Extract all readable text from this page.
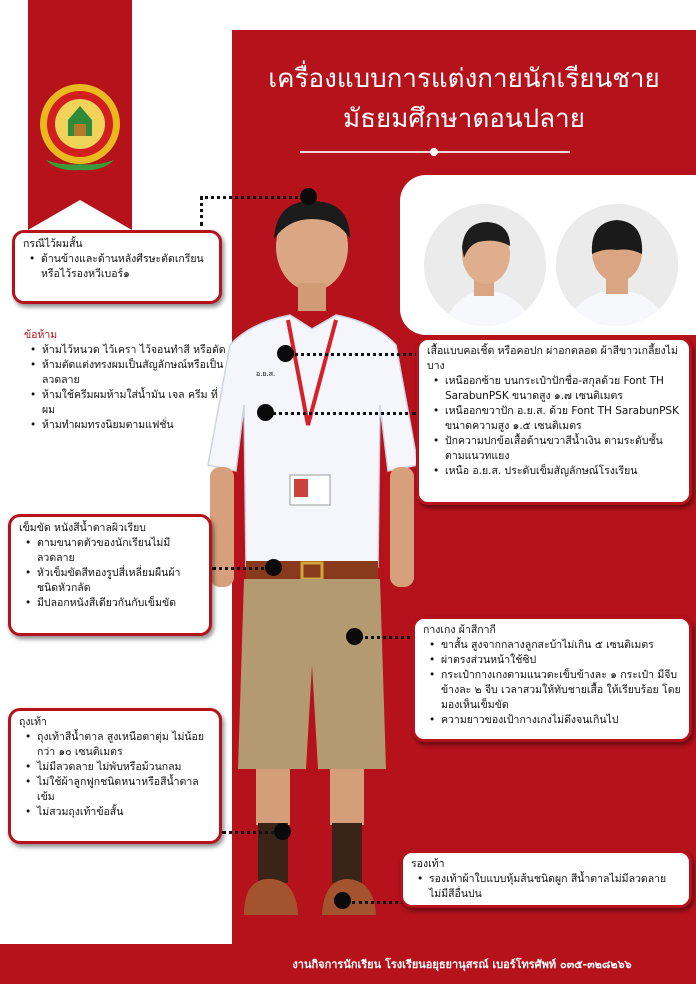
เครื่องแบบการแต่งกายนักเรียนชาย
มัธยมศึกษาตอนปลาย
อ.ย.ส.
กรณีไว้ผมสั้น
• ด้านข้างและด้านหลังศีรษะตัดเกรียนหรือไว้รองหวีเบอร์๑
ข้อห้าม
• ห้ามไว้หนวด ไว้เครา ไว้จอนทำสี หรือดัด
• ห้ามตัดแต่งทรงผมเป็นสัญลักษณ์หรือเป็นลวดลาย
• ห้ามใช้ครีมผมห้ามใส่น้ำมัน เจล ครีม ที่ผม
• ห้ามทำผมทรงนิยมตามแฟชั่น
เสื้อแบบคอเชิ้ต หรือคอปก ผ่าอกตลอด ผ้าสีขาวเกลี้ยงไม่บาง
• เหนืออกซ้าย บนกระเป๋าปักชื่อ-สกุลด้วย Font TH SarabunPSK ขนาดสูง ๑.๗ เซนติเมตร
• เหนืออกขวาปัก อ.ย.ส. ด้วย Font TH SarabunPSK ขนาดความสูง ๑.๕ เซนติเมตร
• ปักความปกข้อเสื้อด้านขวาสีน้ำเงิน ตามระดับชั้นตามแนวทแยง
• เหนือ อ.ย.ส. ประดับเข็มสัญลักษณ์โรงเรียน
เข็มขัด หนังสีน้ำตาลผิวเรียบ
• ตามขนาดตัวของนักเรียนไม่มีลวดลาย
• หัวเข็มขัดสีทองรูปสี่เหลี่ยมผืนผ้าชนิดหัวกลัด
• มีปลอกหนังสีเดียวกันกับเข็มขัด
กางเกง ผ้าสีกากี
• ขาสั้น สูงจากกลางลูกสะบ้าไม่เกิน ๕ เซนติเมตร
• ผ่าตรงส่วนหน้าใช้ซิป
• กระเป๋ากางเกงตามแนวตะเข็บข้างละ ๑ กระเป๋า มีจีบข้างละ ๒ จีบ เวลาสวมให้ทับชายเสื้อ ให้เรียบร้อย โดยมองเห็นเข็มขัด
• ความยาวของเป้ากางเกงไม่ดึงจนเกินไป
ถุงเท้า
• ถุงเท้าสีน้ำตาล สูงเหนือตาตุ่ม ไม่น้อยกว่า ๑๐ เซนติเมตร
• ไม่มีลวดลาย ไม่พับหรือม้วนกลม
• ไม่ใช้ผ้าลูกฟูกชนิดหนาหรือสีน้ำตาลเข้ม
• ไม่สวมถุงเท้าข้อสั้น
รองเท้า
• รองเท้าผ้าใบแบบหุ้มส้นชนิดผูก สีน้ำตาลไม่มีลวดลาย ไม่มีสีอื่นปน
งานกิจการนักเรียน โรงเรียนอยุธยานุสรณ์ เบอร์โทรศัพท์ ๐๓๕-๓๒๘๒๖๖
